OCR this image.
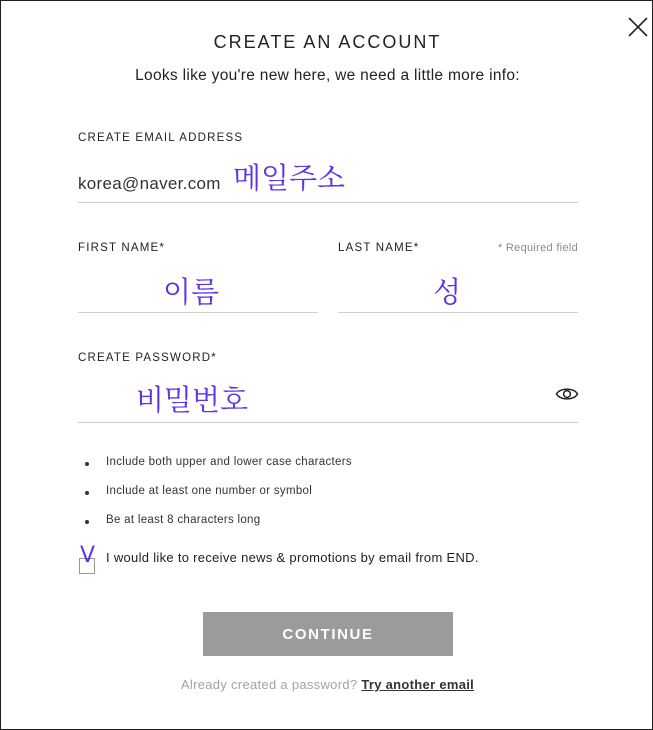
CREATE AN ACCOUNT
Looks like you're new here, we need a little more info:
CREATE EMAIL ADDRESS
korea@naver.com 메일주소
FIRST NAME*	LAST NAME*	* Required field
이름	성
CREATE PASSWORD*
비밀번호
Include both upper and lower case characters
Include at least one number or symbol
Be at least 8 characters long
V I would like to receive news & promotions by email from END.
CONTINUE
Already created a password? Try another email
